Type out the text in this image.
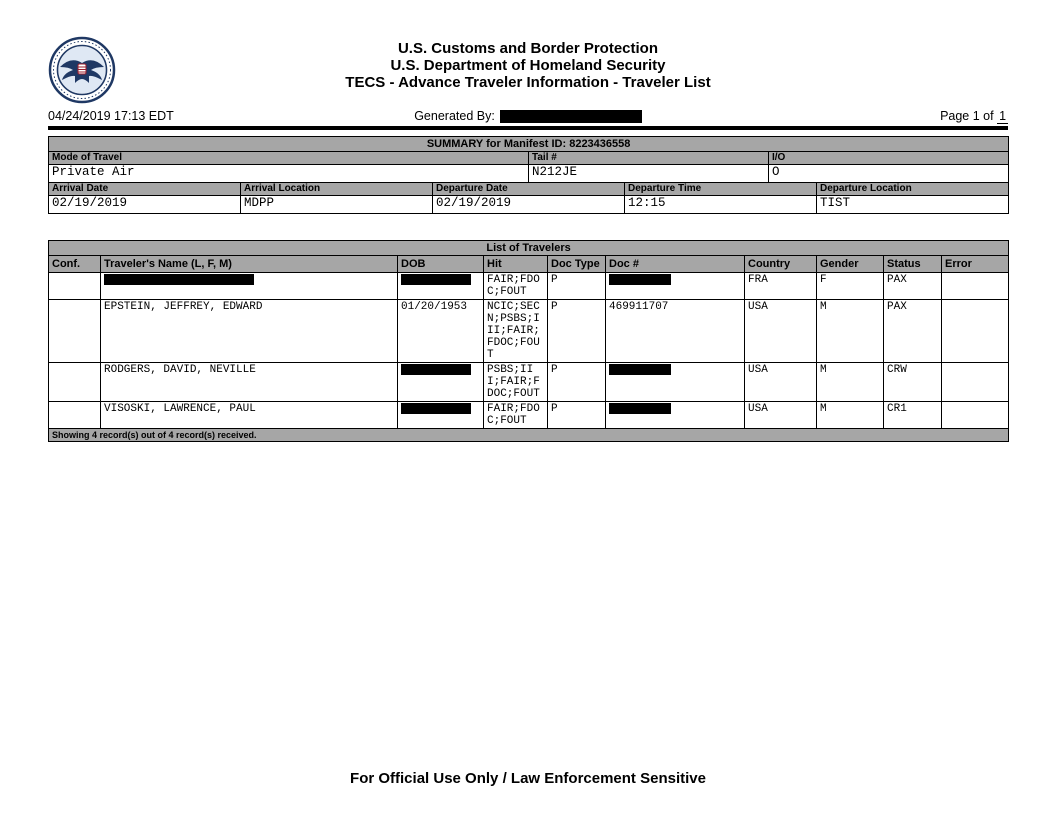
U.S. Customs and Border Protection
U.S. Department of Homeland Security
TECS - Advance Traveler Information - Traveler List
04/24/2019 17:13 EDT	Generated By:	Page 1 of 1
SUMMARY for Manifest ID: 8223436558						
Mode of Travel			Tail #		I/O	
Private Air			N212JE		O	
Arrival Date	Arrival Location	Departure Date		Departure Time		Departure Location
02/19/2019	MDPP	02/19/2019		12:15		TIST
List of Travelers									
Conf.	Traveler's Name (L, F, M)	DOB	Hit	Doc Type	Doc #	Country	Gender	Status	Error
			FAIR;FDOC;FOUT	P		FRA	F	PAX	
	EPSTEIN, JEFFREY, EDWARD	01/20/1953	NCIC;SECN;PSBS;III;FAIR;FDOC;FOUT	P	469911707	USA	M	PAX	
	RODGERS, DAVID, NEVILLE		PSBS;III;FAIR;FDOC;FOUT	P		USA	M	CRW	
	VISOSKI, LAWRENCE, PAUL		FAIR;FDOC;FOUT	P		USA	M	CR1	
Showing 4 record(s) out of 4 record(s) received.									
For Official Use Only / Law Enforcement Sensitive
